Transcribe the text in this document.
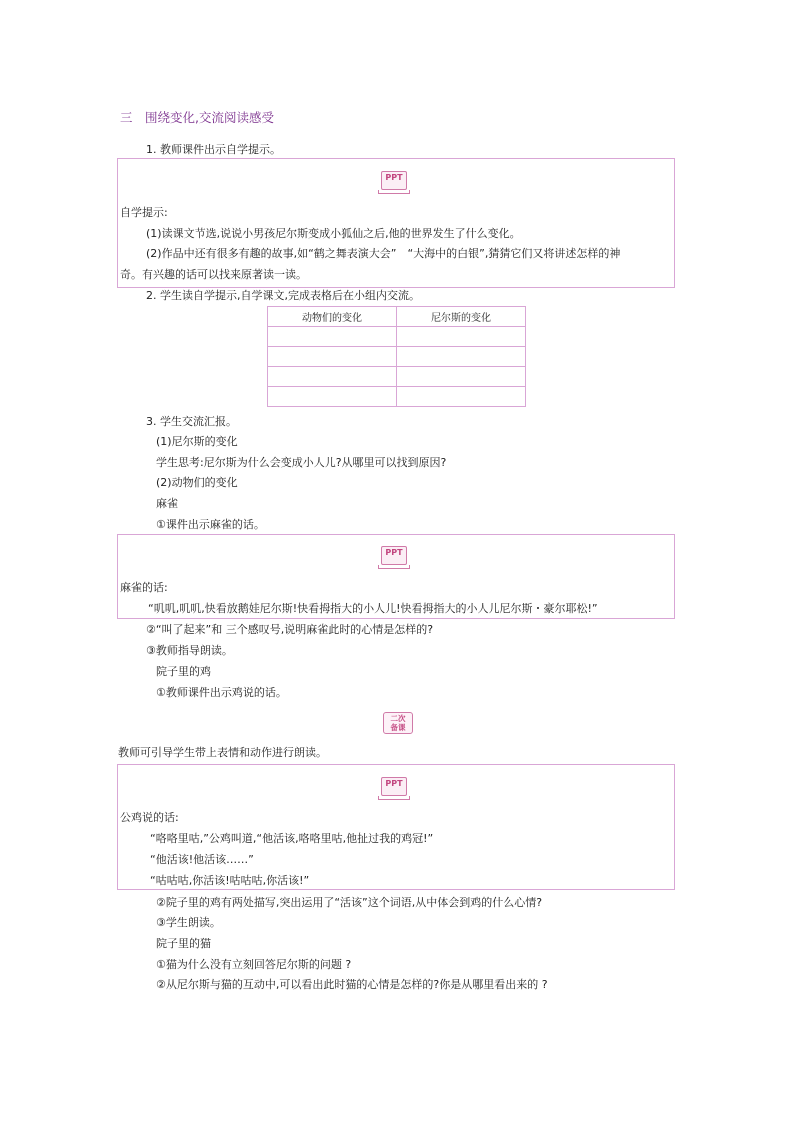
三　围绕变化,交流阅读感受
1. 教师课件出示自学提示。
PPT
自学提示:
(1)读课文节选,说说小男孩尼尔斯变成小狐仙之后,他的世界发生了什么变化。
(2)作品中还有很多有趣的故事,如“鹤之舞表演大会”　“大海中的白银”,猜猜它们又将讲述怎样的神
奇。有兴趣的话可以找来原著读一读。
2. 学生读自学提示,自学课文,完成表格后在小组内交流。
动物们的变化	尼尔斯的变化

3. 学生交流汇报。
(1)尼尔斯的变化
学生思考:尼尔斯为什么会变成小人儿?从哪里可以找到原因?
(2)动物们的变化
麻雀
①课件出示麻雀的话。
PPT
麻雀的话:
“叽叽,叽叽,快看放鹅娃尼尔斯!快看拇指大的小人儿!快看拇指大的小人儿尼尔斯・豪尔耶松!”
②“叫了起来”和 三个感叹号,说明麻雀此时的心情是怎样的?
③教师指导朗读。
院子里的鸡
①教师课件出示鸡说的话。
二次
备课
教师可引导学生带上表情和动作进行朗读。
PPT
公鸡说的话:
“咯咯里咕,”公鸡叫道,“他活该,咯咯里咕,他扯过我的鸡冠!”
“他活该!他活该……”
“咕咕咕,你活该!咕咕咕,你活该!”
②院子里的鸡有两处描写,突出运用了“活该”这个词语,从中体会到鸡的什么心情?
③学生朗读。
院子里的猫
①猫为什么没有立刻回答尼尔斯的问题 ?
②从尼尔斯与猫的互动中,可以看出此时猫的心情是怎样的?你是从哪里看出来的 ?
